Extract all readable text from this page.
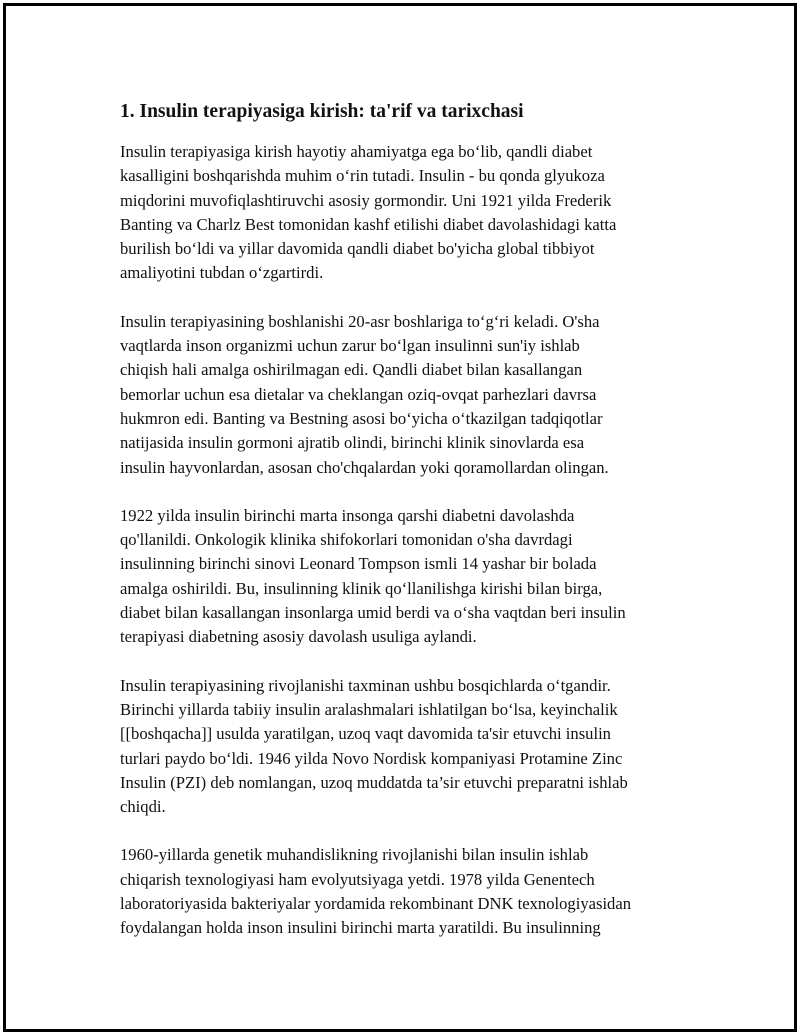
1. Insulin terapiyasiga kirish: ta'rif va tarixchasi

Insulin terapiyasiga kirish hayotiy ahamiyatga ega bo‘lib, qandli diabet
kasalligini boshqarishda muhim o‘rin tutadi. Insulin - bu qonda glyukoza
miqdorini muvofiqlashtiruvchi asosiy gormondir. Uni 1921 yilda Frederik
Banting va Charlz Best tomonidan kashf etilishi diabet davolashidagi katta
burilish bo‘ldi va yillar davomida qandli diabet bo'yicha global tibbiyot
amaliyotini tubdan o‘zgartirdi.

Insulin terapiyasining boshlanishi 20-asr boshlariga to‘g‘ri keladi. O'sha
vaqtlarda inson organizmi uchun zarur bo‘lgan insulinni sun'iy ishlab
chiqish hali amalga oshirilmagan edi. Qandli diabet bilan kasallangan
bemorlar uchun esa dietalar va cheklangan oziq-ovqat parhezlari davrsa
hukmron edi. Banting va Bestning asosi bo‘yicha o‘tkazilgan tadqiqotlar
natijasida insulin gormoni ajratib olindi, birinchi klinik sinovlarda esa
insulin hayvonlardan, asosan cho'chqalardan yoki qoramollardan olingan.

1922 yilda insulin birinchi marta insonga qarshi diabetni davolashda
qo'llanildi. Onkologik klinika shifokorlari tomonidan o'sha davrdagi
insulinning birinchi sinovi Leonard Tompson ismli 14 yashar bir bolada
amalga oshirildi. Bu, insulinning klinik qo‘llanilishga kirishi bilan birga,
diabet bilan kasallangan insonlarga umid berdi va o‘sha vaqtdan beri insulin
terapiyasi diabetning asosiy davolash usuliga aylandi.

Insulin terapiyasining rivojlanishi taxminan ushbu bosqichlarda o‘tgandir.
Birinchi yillarda tabiiy insulin aralashmalari ishlatilgan bo‘lsa, keyinchalik
[[boshqacha]] usulda yaratilgan, uzoq vaqt davomida ta'sir etuvchi insulin
turlari paydo bo‘ldi. 1946 yilda Novo Nordisk kompaniyasi Protamine Zinc
Insulin (PZI) deb nomlangan, uzoq muddatda ta’sir etuvchi preparatni ishlab
chiqdi.

1960-yillarda genetik muhandislikning rivojlanishi bilan insulin ishlab
chiqarish texnologiyasi ham evolyutsiyaga yetdi. 1978 yilda Genentech
laboratoriyasida bakteriyalar yordamida rekombinant DNK texnologiyasidan
foydalangan holda inson insulini birinchi marta yaratildi. Bu insulinning
